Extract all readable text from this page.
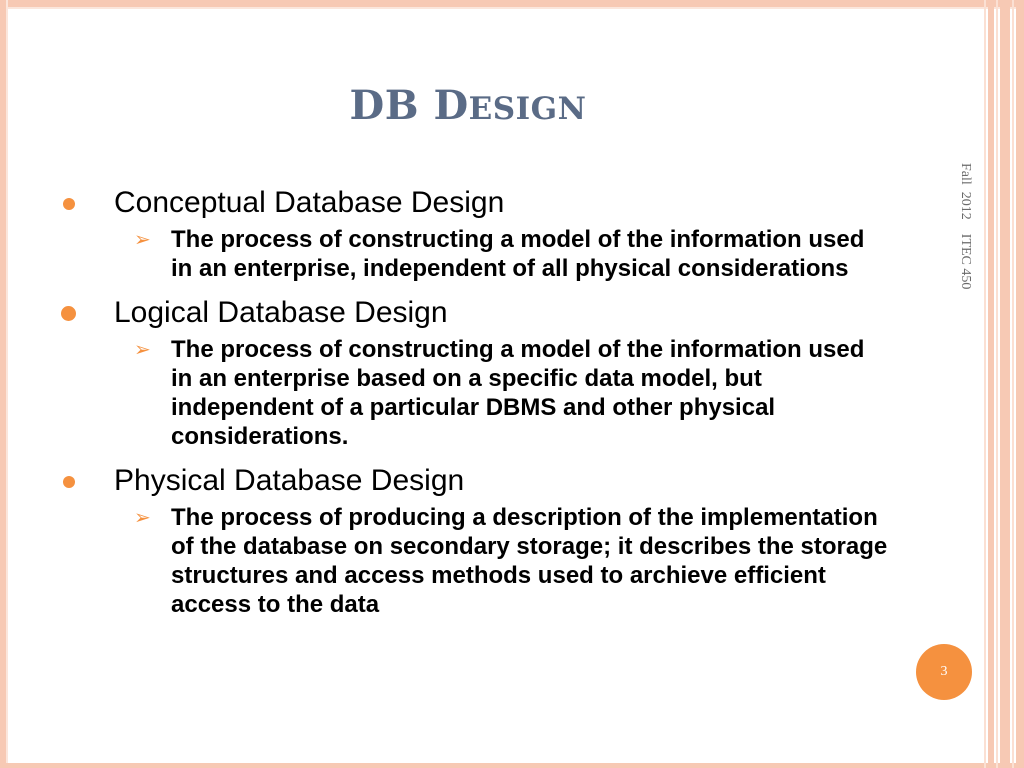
DB DESIGN
Conceptual Database Design
➢ The process of constructing a model of the information used in an enterprise, independent of all physical considerations
Logical Database Design
➢ The process of constructing a model of the information used in an enterprise based on a specific data model, but independent of a particular DBMS and other physical considerations.
Physical Database Design
➢ The process of producing a description of the implementation of the database on secondary storage; it describes the storage structures and access methods used to archieve efficient access to the data
Fall  2012    ITEC 450
3
